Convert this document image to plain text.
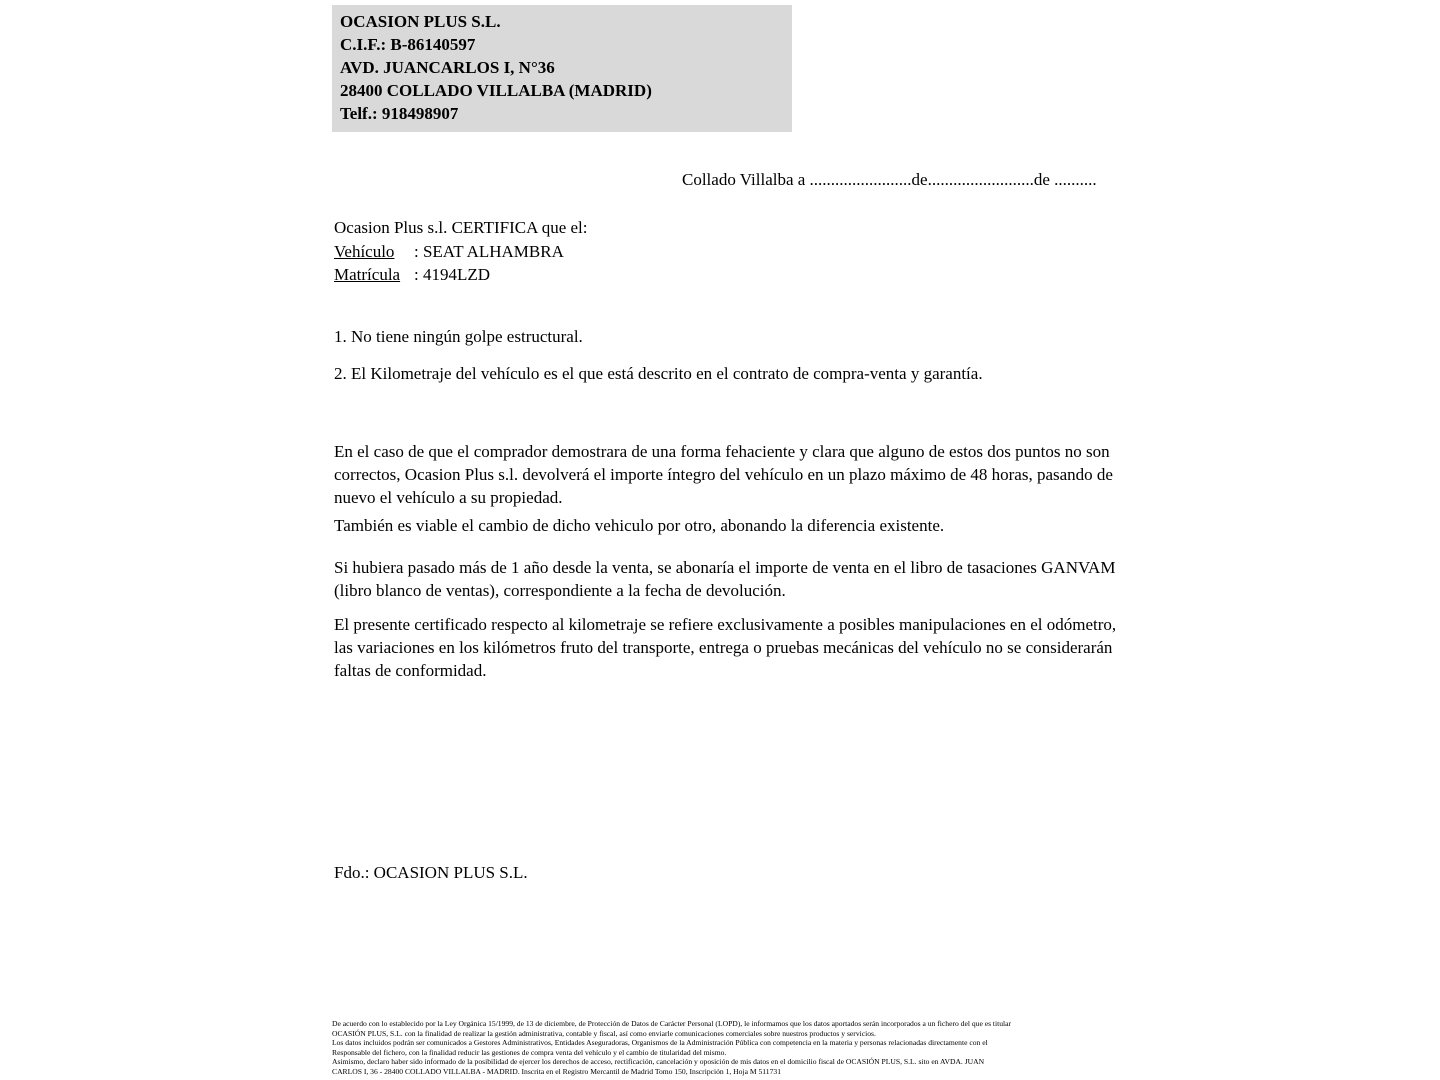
OCASION PLUS S.L.
C.I.F.: B-86140597
AVD. JUANCARLOS I, N°36
28400 COLLADO VILLALBA (MADRID)
Telf.: 918498907
Collado Villalba a ........................de.........................de ..........
Ocasion Plus s.l. CERTIFICA que el:
Vehículo : SEAT ALHAMBRA
Matrícula : 4194LZD
1. No tiene ningún golpe estructural.
2. El Kilometraje del vehículo es el que está descrito en el contrato de compra-venta y garantía.
En el caso de que el comprador demostrara de una forma fehaciente y clara que alguno de estos dos puntos no son correctos, Ocasion Plus s.l. devolverá el importe íntegro del vehículo en un plazo máximo de 48 horas, pasando de nuevo el vehículo a su propiedad.
También es viable el cambio de dicho vehiculo por otro, abonando la diferencia existente.
Si hubiera pasado más de 1 año desde la venta, se abonaría el importe de venta en el libro de tasaciones GANVAM (libro blanco de ventas), correspondiente a la fecha de devolución.
El presente certificado respecto al kilometraje se refiere exclusivamente a posibles manipulaciones en el odómetro, las variaciones en los kilómetros fruto del transporte, entrega o pruebas mecánicas del vehículo no se considerarán faltas de conformidad.
Fdo.: OCASION PLUS S.L.
De acuerdo con lo establecido por la Ley Orgánica 15/1999, de 13 de diciembre, de Protección de Datos de Carácter Personal (LOPD), le informamos que los datos aportados serán incorporados a un fichero del que es titular
OCASIÓN PLUS, S.L. con la finalidad de realizar la gestión administrativa, contable y fiscal, así como enviarle comunicaciones comerciales sobre nuestros productos y servicios.
Los datos incluidos podrán ser comunicados a Gestores Administrativos, Entidades Aseguradoras, Organismos de la Administración Pública con competencia en la materia y personas relacionadas directamente con el
Responsable del fichero, con la finalidad reducir las gestiones de compra venta del vehículo y el cambio de titularidad del mismo.
Asimismo, declaro haber sido informado de la posibilidad de ejercer los derechos de acceso, rectificación, cancelación y oposición de mis datos en el domicilio fiscal de OCASIÓN PLUS, S.L. sito en AVDA. JUAN
CARLOS I, 36 - 28400 COLLADO VILLALBA - MADRID. Inscrita en el Registro Mercantil de Madrid Tomo 150, Inscripción 1, Hoja M 511731
